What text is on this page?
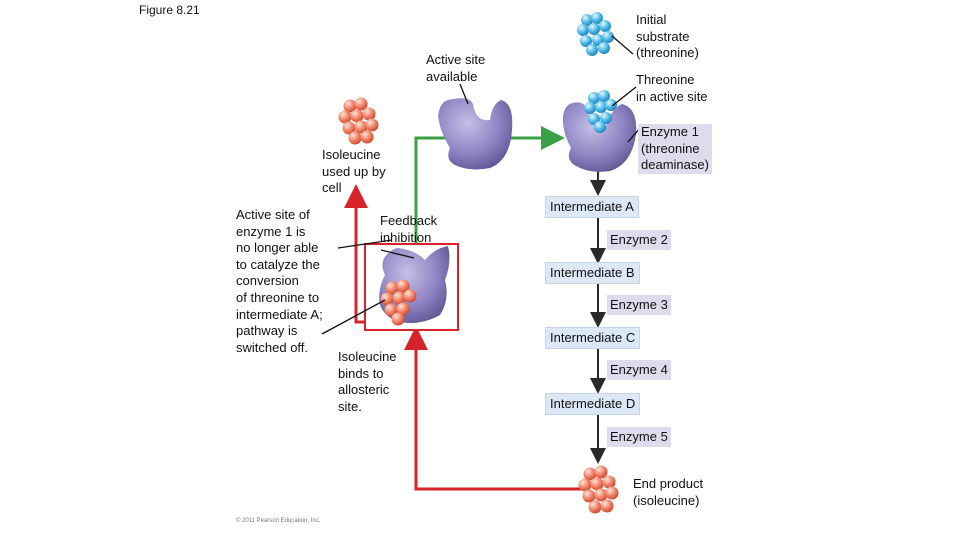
Figure 8.21
Active site
available
Initial
substrate
(threonine)
Threonine
in active site
Enzyme 1
(threonine
deaminase)
Isoleucine
used up by
cell
Active site of
enzyme 1 is
no longer able
to catalyze the
conversion
of threonine to
intermediate A;
pathway is
switched off.
Feedback
inhibition
Isoleucine
binds to
allosteric
site.
End product
(isoleucine)
Intermediate A
Intermediate B
Intermediate C
Intermediate D
Enzyme 2
Enzyme 3
Enzyme 4
Enzyme 5
© 2011 Pearson Education, Inc.
